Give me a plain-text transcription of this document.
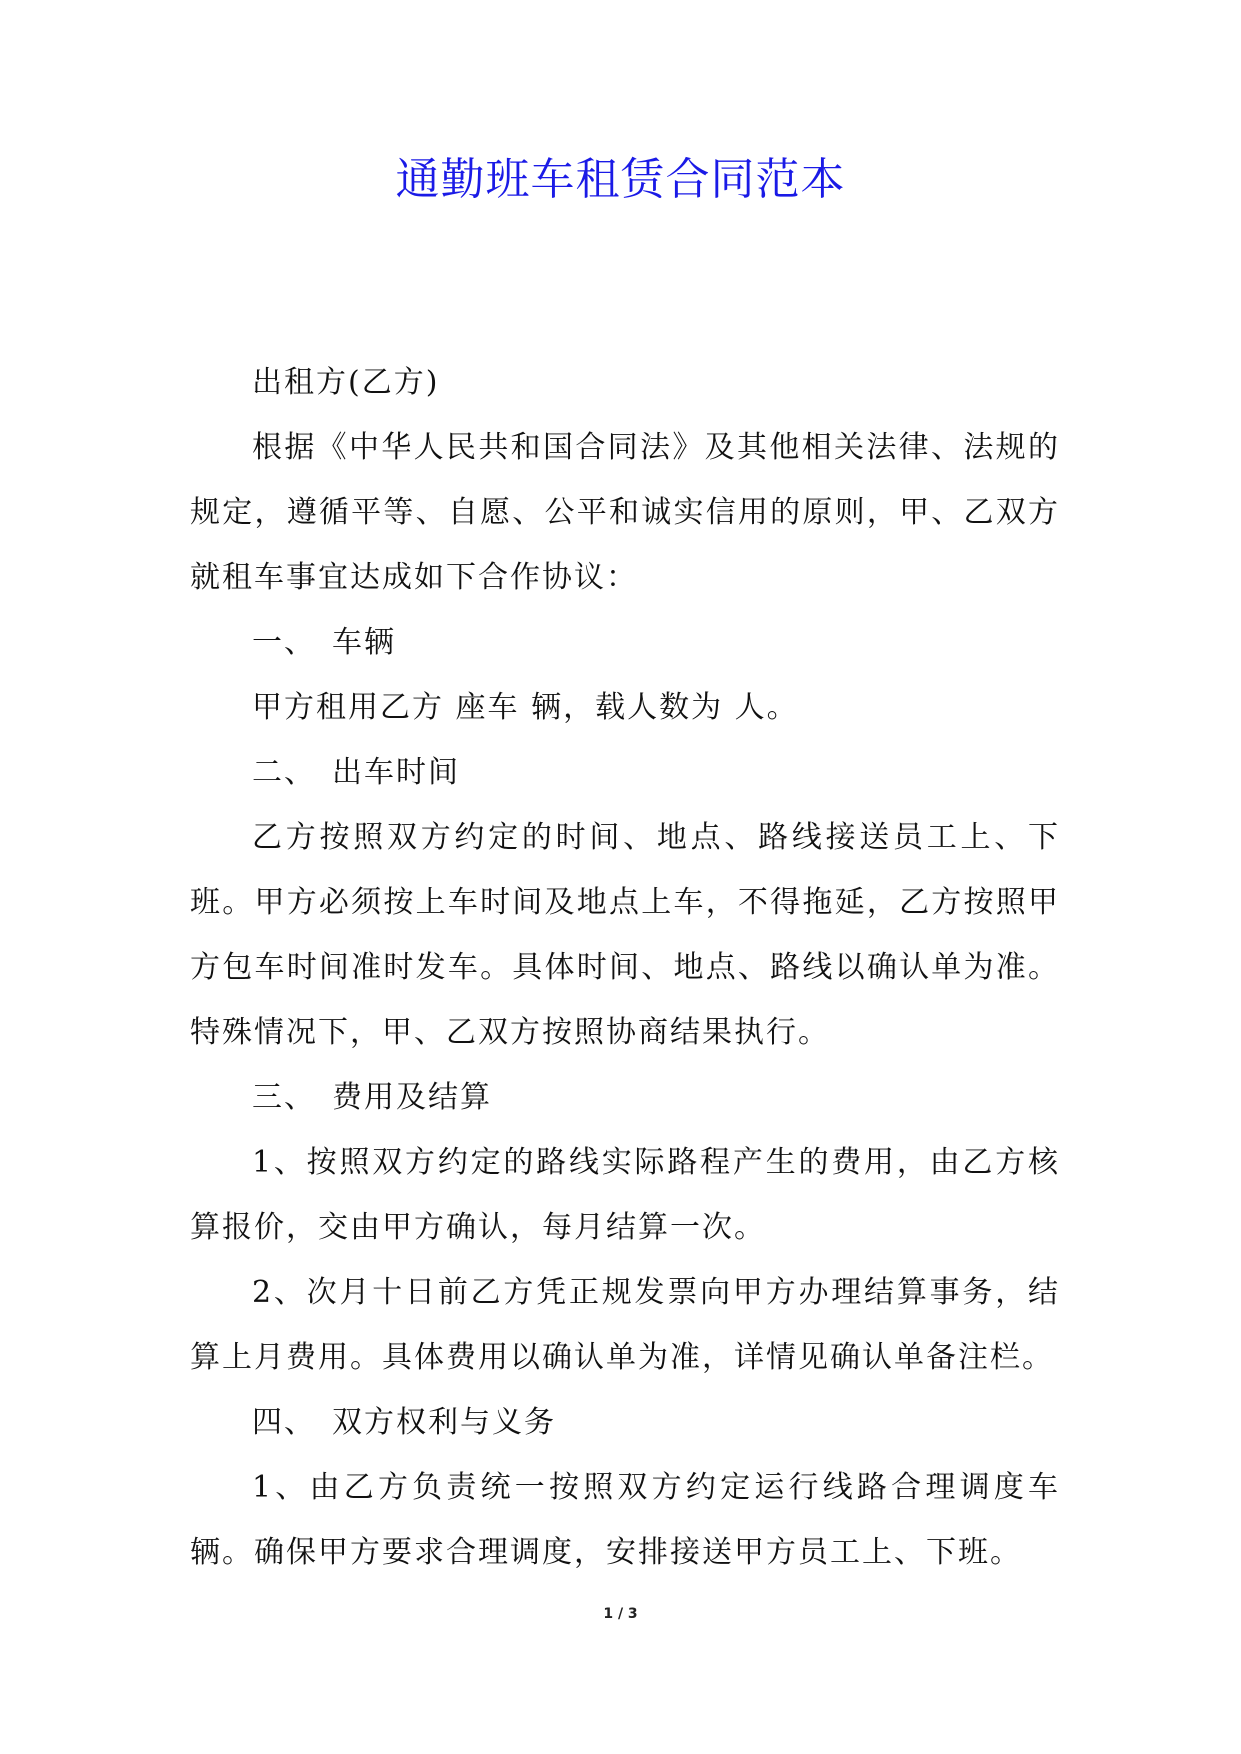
通勤班车租赁合同范本

出租方(乙方)

根据《中华人民共和国合同法》及其他相关法律、法规的规定，遵循平等、自愿、公平和诚实信用的原则，甲、乙双方就租车事宜达成如下合作协议：

一、 车辆

甲方租用乙方 座车 辆，载人数为 人。

二、 出车时间

乙方按照双方约定的时间、地点、路线接送员工上、下班。甲方必须按上车时间及地点上车，不得拖延，乙方按照甲方包车时间准时发车。具体时间、地点、路线以确认单为准。特殊情况下，甲、乙双方按照协商结果执行。

三、 费用及结算

1、按照双方约定的路线实际路程产生的费用，由乙方核算报价，交由甲方确认，每月结算一次。

2、次月十日前乙方凭正规发票向甲方办理结算事务，结算上月费用。具体费用以确认单为准，详情见确认单备注栏。

四、 双方权利与义务

1、由乙方负责统一按照双方约定运行线路合理调度车辆。确保甲方要求合理调度，安排接送甲方员工上、下班。

1 / 3
